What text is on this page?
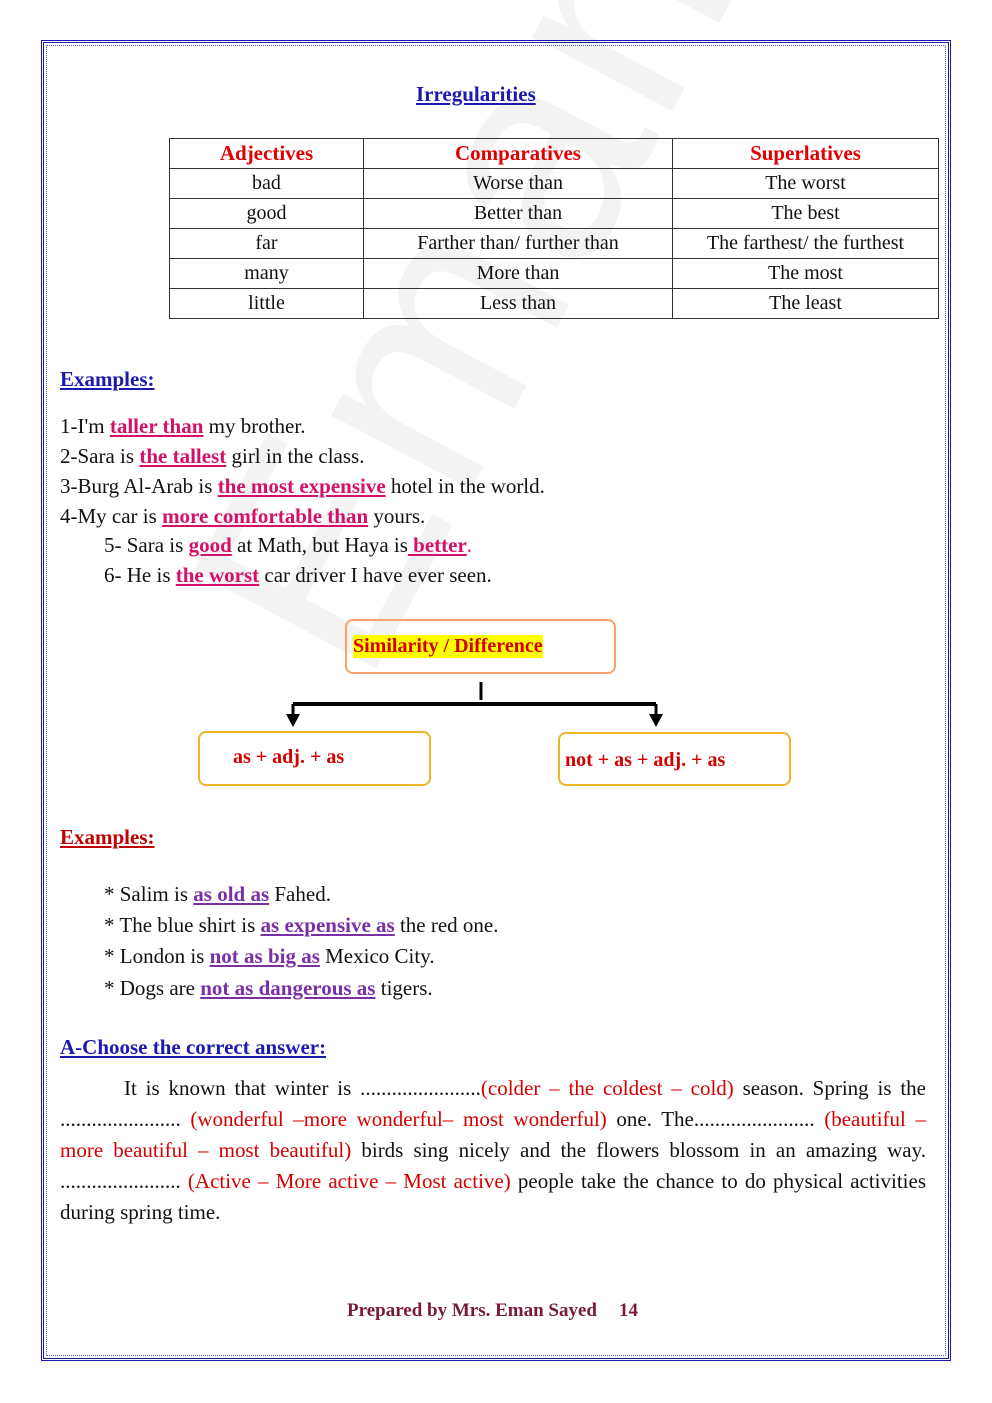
Irregularities
Adjectives	Comparatives	Superlatives
bad	Worse than	The worst
good	Better than	The best
far	Farther than/ further than	The farthest/ the furthest
many	More than	The most
little	Less than	The least
Examples:
1-I'm taller than my brother.
2-Sara is the tallest girl in the class.
3-Burg Al-Arab is the most expensive hotel in the world.
4-My car is more comfortable than yours.
5- Sara is good at Math, but Haya is better.
6- He is the worst car driver I have ever seen.
Similarity / Difference
as + adj. + as	not + as + adj. + as
Examples:
* Salim is as old as Fahed.
* The blue shirt is as expensive as the red one.
* London is not as big as Mexico City.
* Dogs are not as dangerous as tigers.
A-Choose the correct answer:
It is known that winter is .......................(colder – the coldest – cold) season. Spring is the ....................... (wonderful –more wonderful– most wonderful) one. The....................... (beautiful –more beautiful – most beautiful) birds sing nicely and the flowers blossom in an amazing way. ....................... (Active – More active – Most active) people take the chance to do physical activities during spring time.
Prepared by Mrs. Eman Sayed 14
